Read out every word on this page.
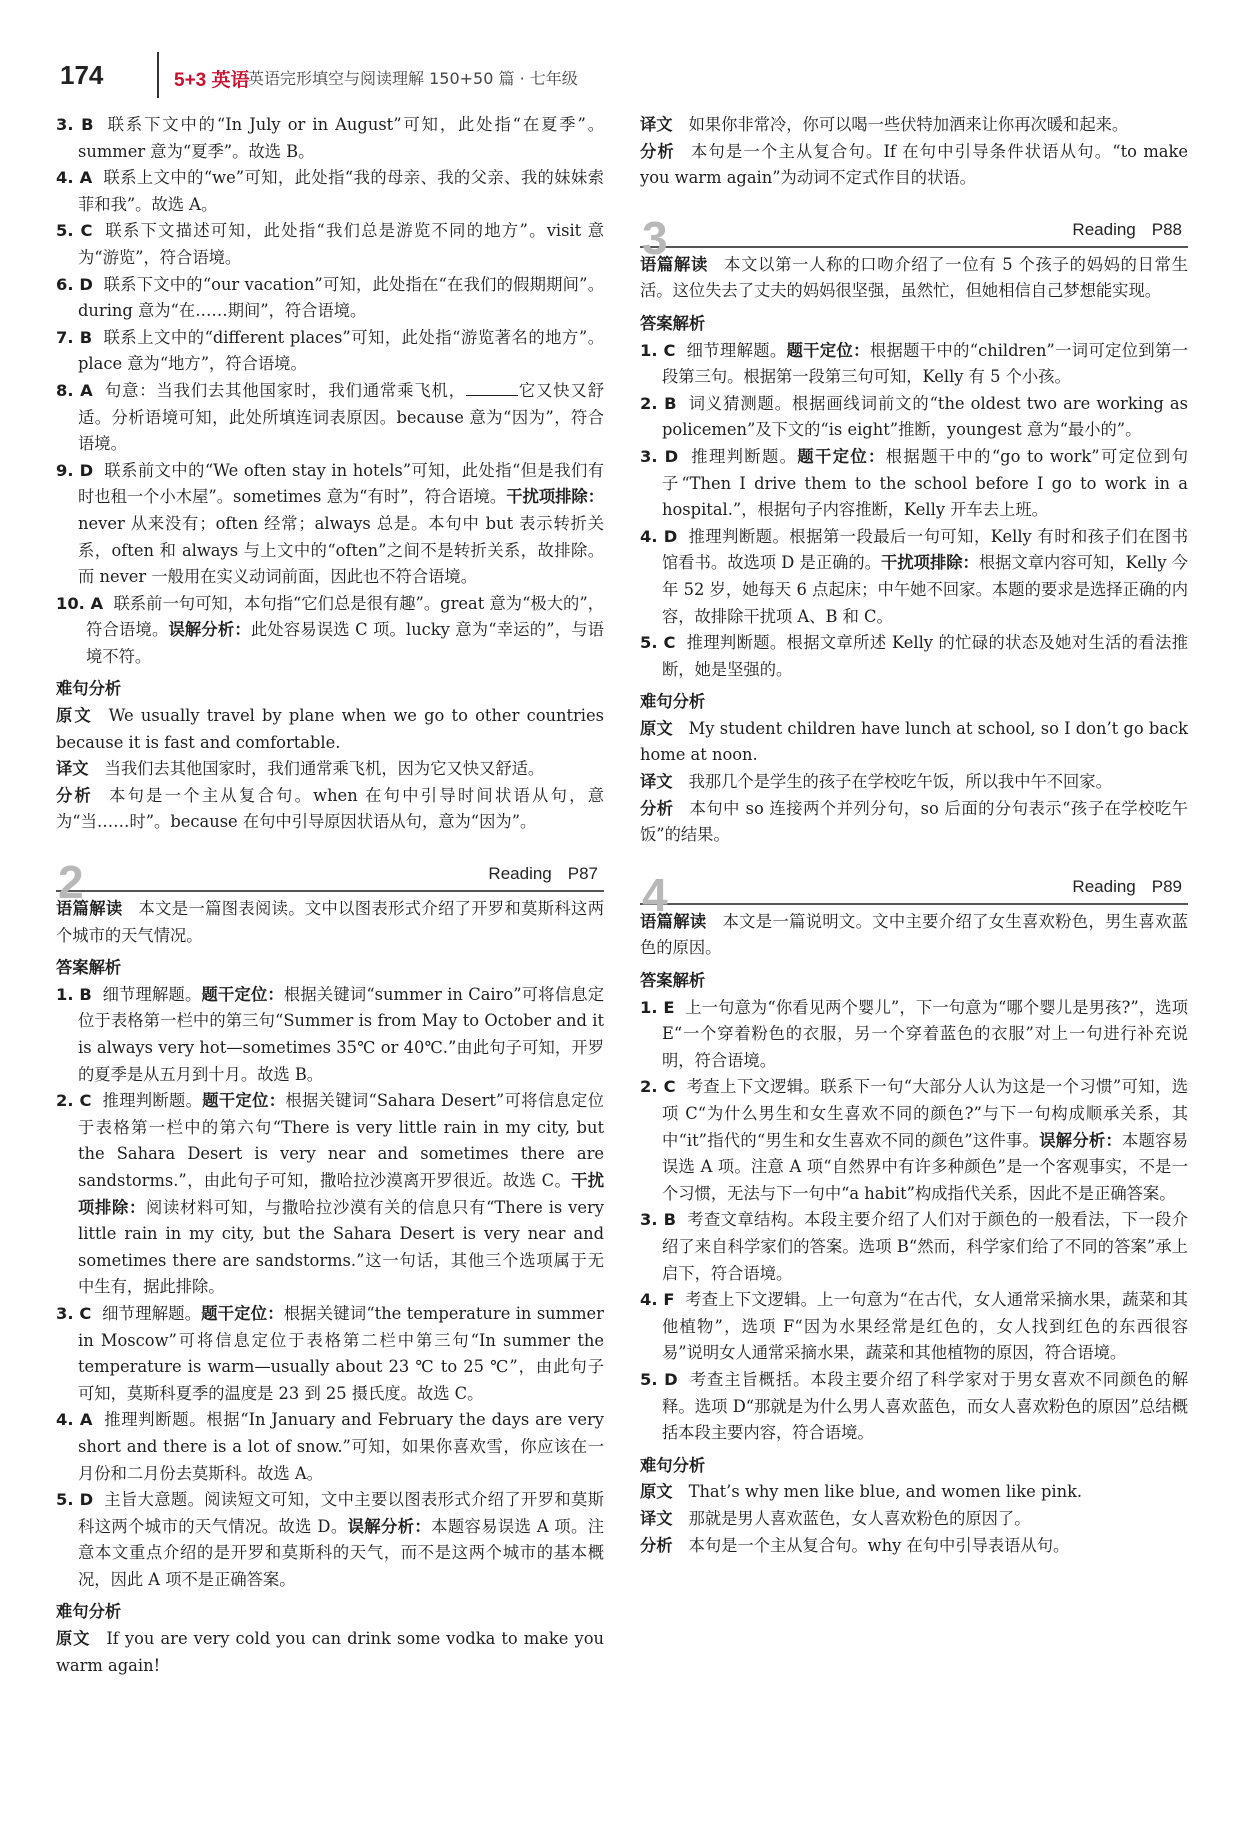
174	5+3 英语
英语完形填空与阅读理解 150+50 篇 · 七年级

3. B 联系下文中的“In July or in August”可知，此处指“在夏季”。summer 意为“夏季”。故选 B。

4. A 联系上文中的“we”可知，此处指“我的母亲、我的父亲、我的妹妹索菲和我”。故选 A。

5. C 联系下文描述可知，此处指“我们总是游览不同的地方”。visit 意为“游览”，符合语境。

6. D 联系下文中的“our vacation”可知，此处指在“在我们的假期期间”。during 意为“在……期间”，符合语境。

7. B 联系上文中的“different places”可知，此处指“游览著名的地方”。place 意为“地方”，符合语境。

8. A 句意：当我们去其他国家时，我们通常乘飞机，	它又快又舒适。分析语境可知，此处所填连词表原因。because 意为“因为”，符合语境。

9. D 联系前文中的“We often stay in hotels”可知，此处指“但是我们有时也租一个小木屋”。sometimes 意为“有时”，符合语境。干扰项排除：never 从来没有；often 经常；always 总是。本句中 but 表示转折关系，often 和 always 与上文中的“often”之间不是转折关系，故排除。而 never 一般用在实义动词前面，因此也不符合语境。

10. A 联系前一句可知，本句指“它们总是很有趣”。great 意为“极大的”，符合语境。误解分析：此处容易误选 C 项。lucky 意为“幸运的”，与语境不符。

难句分析

原文 We usually travel by plane when we go to other countries because it is fast and comfortable.

译文 当我们去其他国家时，我们通常乘飞机，因为它又快又舒适。

分析 本句是一个主从复合句。when 在句中引导时间状语从句，意为“当……时”。because 在句中引导原因状语从句，意为“因为”。

2	Reading P87

语篇解读 本文是一篇图表阅读。文中以图表形式介绍了开罗和莫斯科这两个城市的天气情况。

答案解析

1. B 细节理解题。题干定位：根据关键词“summer in Cairo”可将信息定位于表格第一栏中的第三句“Summer is from May to October and it is always very hot—sometimes 35℃ or 40℃.”由此句子可知，开罗的夏季是从五月到十月。故选 B。

2. C 推理判断题。题干定位：根据关键词“Sahara Desert”可将信息定位于表格第一栏中的第六句“There is very little rain in my city, but the Sahara Desert is very near and sometimes there are sandstorms.”，由此句子可知，撒哈拉沙漠离开罗很近。故选 C。干扰项排除：阅读材料可知，与撒哈拉沙漠有关的信息只有“There is very little rain in my city, but the Sahara Desert is very near and sometimes there are sandstorms.”这一句话，其他三个选项属于无中生有，据此排除。

3. C 细节理解题。题干定位：根据关键词“the temperature in summer in Moscow”可将信息定位于表格第二栏中第三句“In summer the temperature is warm—usually about 23 ℃ to 25 ℃”，由此句子可知，莫斯科夏季的温度是 23 到 25 摄氏度。故选 C。

4. A 推理判断题。根据“In January and February the days are very short and there is a lot of snow.”可知，如果你喜欢雪，你应该在一月份和二月份去莫斯科。故选 A。

5. D 主旨大意题。阅读短文可知，文中主要以图表形式介绍了开罗和莫斯科这两个城市的天气情况。故选 D。误解分析：本题容易误选 A 项。注意本文重点介绍的是开罗和莫斯科的天气，而不是这两个城市的基本概况，因此 A 项不是正确答案。

难句分析

原文 If you are very cold you can drink some vodka to make you warm again!

译文 如果你非常冷，你可以喝一些伏特加酒来让你再次暖和起来。

分析 本句是一个主从复合句。If 在句中引导条件状语从句。“to make you warm again”为动词不定式作目的状语。

3	Reading P88

语篇解读 本文以第一人称的口吻介绍了一位有 5 个孩子的妈妈的日常生活。这位失去了丈夫的妈妈很坚强，虽然忙，但她相信自己梦想能实现。

答案解析

1. C 细节理解题。题干定位：根据题干中的“children”一词可定位到第一段第三句。根据第一段第三句可知，Kelly 有 5 个小孩。

2. B 词义猜测题。根据画线词前文的“the oldest two are working as policemen”及下文的“is eight”推断，youngest 意为“最小的”。

3. D 推理判断题。题干定位：根据题干中的“go to work”可定位到句子“Then I drive them to the school before I go to work in a hospital.”，根据句子内容推断，Kelly 开车去上班。

4. D 推理判断题。根据第一段最后一句可知，Kelly 有时和孩子们在图书馆看书。故选项 D 是正确的。干扰项排除：根据文章内容可知，Kelly 今年 52 岁，她每天 6 点起床；中午她不回家。本题的要求是选择正确的内容，故排除干扰项 A、B 和 C。

5. C 推理判断题。根据文章所述 Kelly 的忙碌的状态及她对生活的看法推断，她是坚强的。

难句分析

原文 My student children have lunch at school, so I don’t go back home at noon.

译文 我那几个是学生的孩子在学校吃午饭，所以我中午不回家。

分析 本句中 so 连接两个并列分句，so 后面的分句表示“孩子在学校吃午饭”的结果。

4	Reading P89

语篇解读 本文是一篇说明文。文中主要介绍了女生喜欢粉色，男生喜欢蓝色的原因。

答案解析

1. E 上一句意为“你看见两个婴儿”，下一句意为“哪个婴儿是男孩?”，选项 E“一个穿着粉色的衣服，另一个穿着蓝色的衣服”对上一句进行补充说明，符合语境。

2. C 考查上下文逻辑。联系下一句“大部分人认为这是一个习惯”可知，选项 C“为什么男生和女生喜欢不同的颜色?”与下一句构成顺承关系，其中“it”指代的“男生和女生喜欢不同的颜色”这件事。误解分析：本题容易误选 A 项。注意 A 项“自然界中有许多种颜色”是一个客观事实，不是一个习惯，无法与下一句中“a habit”构成指代关系，因此不是正确答案。

3. B 考查文章结构。本段主要介绍了人们对于颜色的一般看法，下一段介绍了来自科学家们的答案。选项 B“然而，科学家们给了不同的答案”承上启下，符合语境。

4. F 考查上下文逻辑。上一句意为“在古代，女人通常采摘水果，蔬菜和其他植物”，选项 F“因为水果经常是红色的，女人找到红色的东西很容易”说明女人通常采摘水果，蔬菜和其他植物的原因，符合语境。

5. D 考查主旨概括。本段主要介绍了科学家对于男女喜欢不同颜色的解释。选项 D“那就是为什么男人喜欢蓝色，而女人喜欢粉色的原因”总结概括本段主要内容，符合语境。

难句分析

原文 That’s why men like blue, and women like pink.

译文 那就是男人喜欢蓝色，女人喜欢粉色的原因了。

分析 本句是一个主从复合句。why 在句中引导表语从句。
